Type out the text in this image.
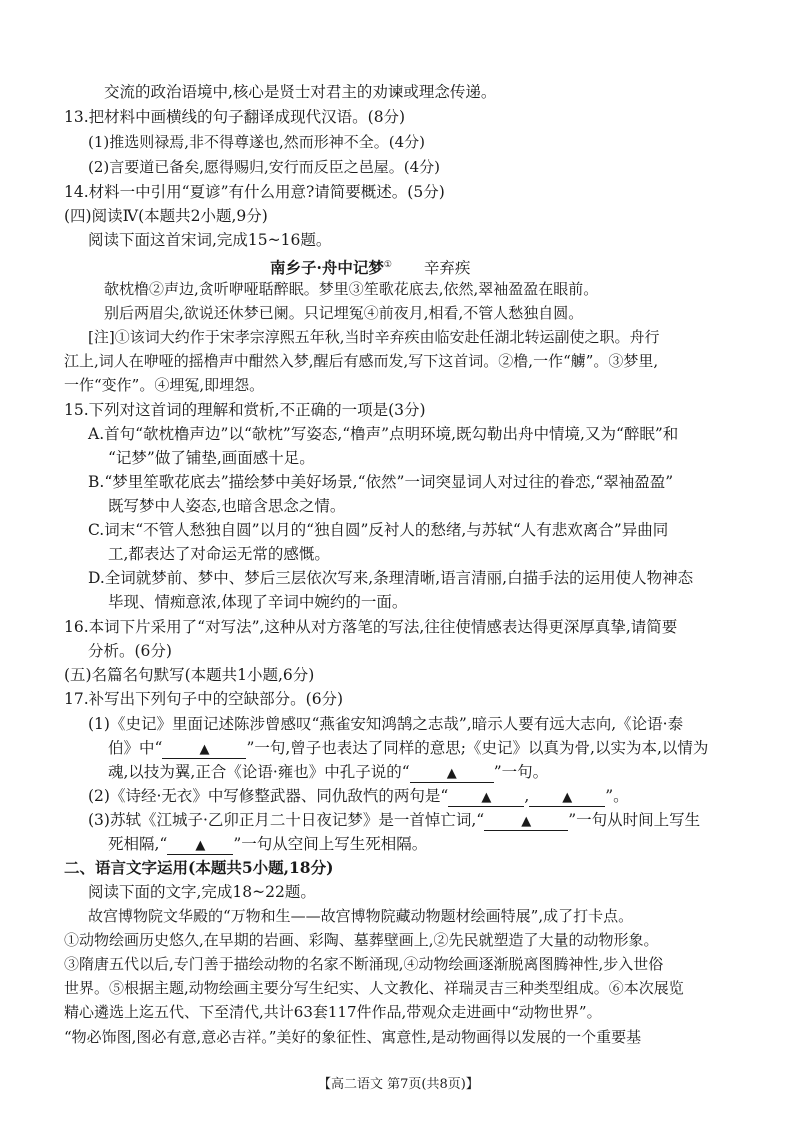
交流的政治语境中,核心是贤士对君主的劝谏或理念传递。
13.把材料中画横线的句子翻译成现代汉语。(8分)
(1)推选则禄焉,非不得尊遂也,然而形神不全。(4分)
(2)言要道已备矣,愿得赐归,安行而反臣之邑屋。(4分)
14.材料一中引用“夏谚”有什么用意?请简要概述。(5分)
(四)阅读Ⅳ(本题共2小题,9分)
阅读下面这首宋词,完成15~16题。
南乡子·舟中记梦① 辛弃疾
欹枕橹②声边,贪听咿哑聒醉眠。梦里③笙歌花底去,依然,翠袖盈盈在眼前。
别后两眉尖,欲说还休梦已阑。只记埋冤④前夜月,相看,不管人愁独自圆。
[注]①该词大约作于宋孝宗淳熙五年秋,当时辛弃疾由临安赴任湖北转运副使之职。舟行
江上,词人在咿哑的摇橹声中酣然入梦,醒后有感而发,写下这首词。②橹,一作“艣”。③梦里,
一作“变作”。④埋冤,即埋怨。
15.下列对这首词的理解和赏析,不正确的一项是(3分)
A.首句“欹枕橹声边”以“欹枕”写姿态,“橹声”点明环境,既勾勒出舟中情境,又为“醉眠”和
“记梦”做了铺垫,画面感十足。
B.“梦里笙歌花底去”描绘梦中美好场景,“依然”一词突显词人对过往的眷恋,“翠袖盈盈”
既写梦中人姿态,也暗含思念之情。
C.词末“不管人愁独自圆”以月的“独自圆”反衬人的愁绪,与苏轼“人有悲欢离合”异曲同
工,都表达了对命运无常的感慨。
D.全词就梦前、梦中、梦后三层依次写来,条理清晰,语言清丽,白描手法的运用使人物神态
毕现、情痴意浓,体现了辛词中婉约的一面。
16.本词下片采用了“对写法”,这种从对方落笔的写法,往往使情感表达得更深厚真挚,请简要
分析。(6分)
(五)名篇名句默写(本题共1小题,6分)
17.补写出下列句子中的空缺部分。(6分)
(1)《史记》里面记述陈涉曾感叹“燕雀安知鸿鹄之志哉”,暗示人要有远大志向,《论语·泰
伯》中“	▲ ”一句,曾子也表达了同样的意思;《史记》以真为骨,以实为本,以情为
魂,以技为翼,正合《论语·雍也》中孔子说的“	▲ ”一句。
(2)《诗经·无衣》中写修整武器、同仇敌忾的两句是“	▲ ,	▲ ”。
(3)苏轼《江城子·乙卯正月二十日夜记梦》是一首悼亡词,“	▲ ”一句从时间上写生
死相隔,“ ▲ ”一句从空间上写生死相隔。
二、语言文字运用(本题共5小题,18分)
阅读下面的文字,完成18~22题。
故宫博物院文华殿的“万物和生——故宫博物院藏动物题材绘画特展”,成了打卡点。
①动物绘画历史悠久,在早期的岩画、彩陶、墓葬壁画上,②先民就塑造了大量的动物形象。
③隋唐五代以后,专门善于描绘动物的名家不断涌现,④动物绘画逐渐脱离图腾神性,步入世俗
世界。⑤根据主题,动物绘画主要分写生纪实、人文教化、祥瑞灵吉三种类型组成。⑥本次展览
精心遴选上迄五代、下至清代,共计63套117件作品,带观众走进画中“动物世界”。
“物必饰图,图必有意,意必吉祥。”美好的象征性、寓意性,是动物画得以发展的一个重要基
【高二语文 第7页(共8页)】
